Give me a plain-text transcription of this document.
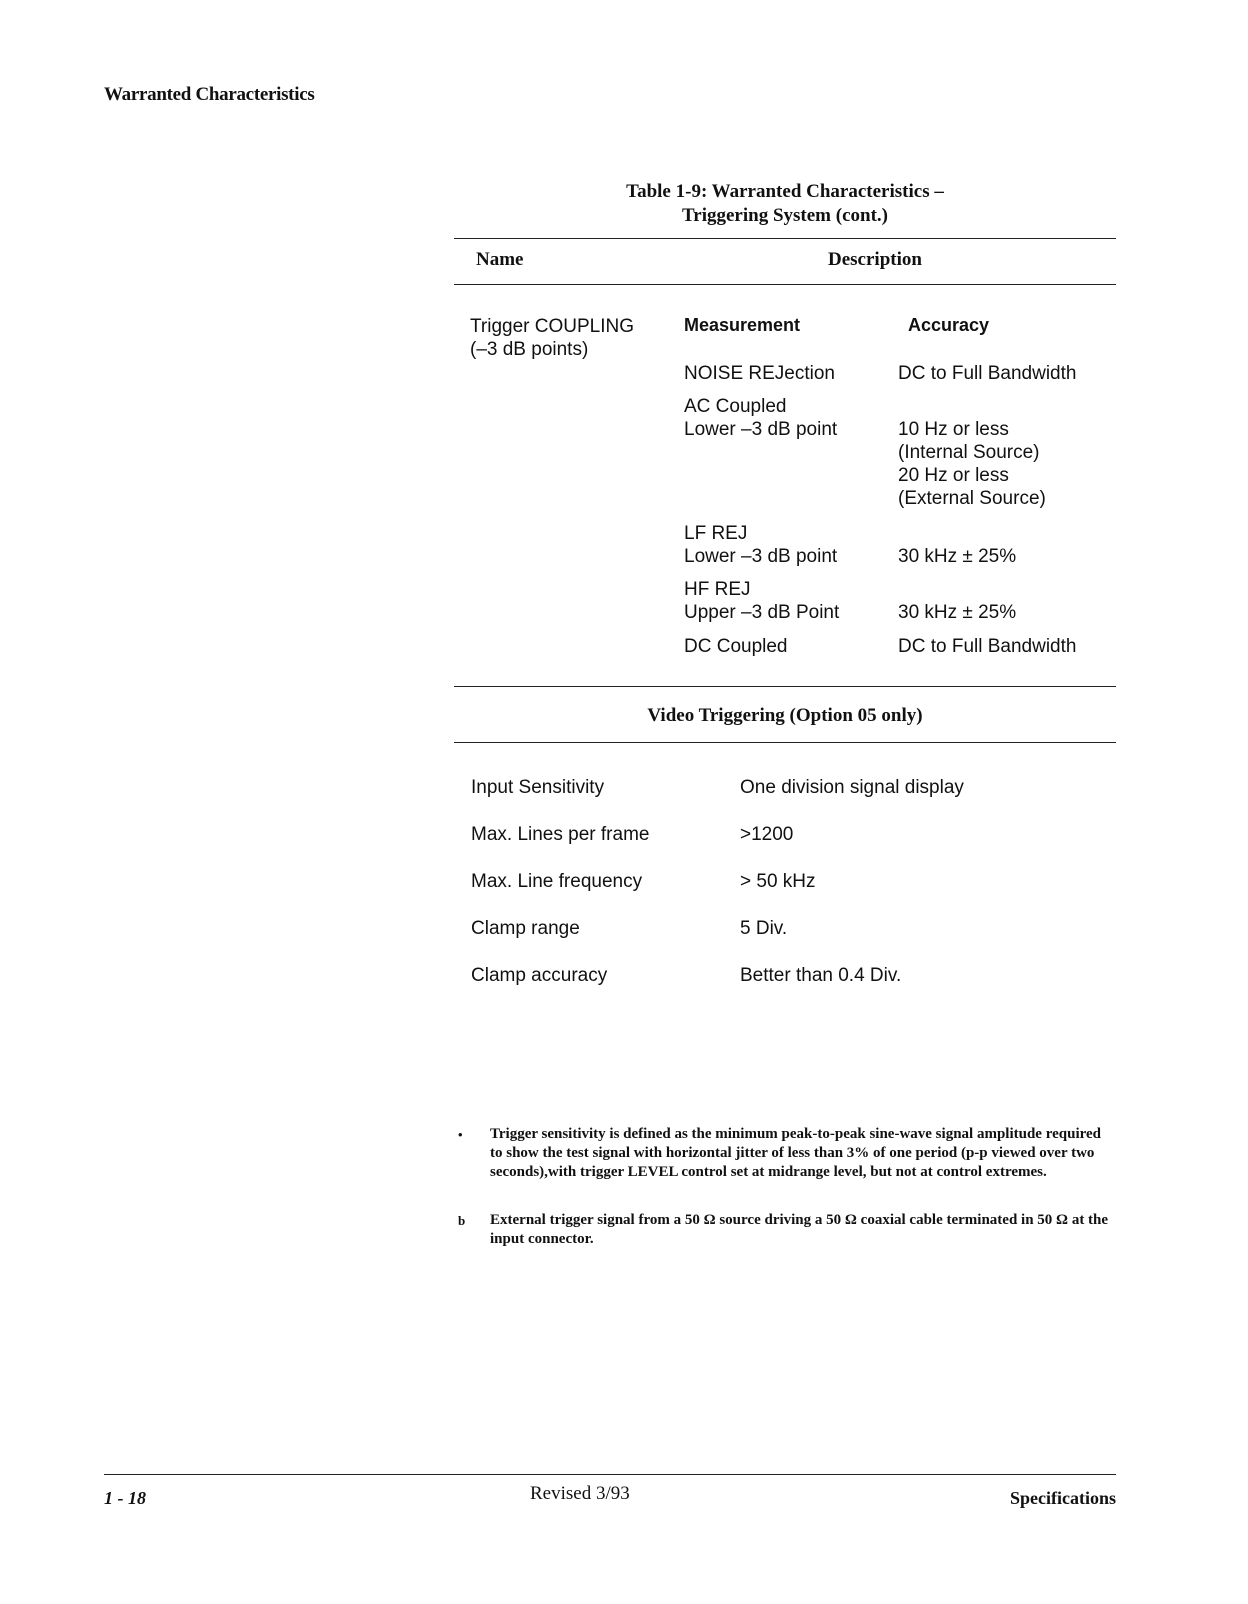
Warranted Characteristics
Table 1-9: Warranted Characteristics –
Triggering System (cont.)
Name	Description
Trigger COUPLING
(–3 dB points)
Measurement	Accuracy
NOISE REJection	DC to Full Bandwidth
AC Coupled
Lower –3 dB point	10 Hz or less
(Internal Source)
20 Hz or less
(External Source)
LF REJ
Lower –3 dB point	30 kHz ± 25%
HF REJ
Upper –3 dB Point	30 kHz ± 25%
DC Coupled	DC to Full Bandwidth
Video Triggering (Option 05 only)
Input Sensitivity	One division signal display
Max. Lines per frame	>1200
Max. Line frequency	> 50 kHz
Clamp range	5 Div.
Clamp accuracy	Better than 0.4 Div.
• Trigger sensitivity is defined as the minimum peak-to-peak sine-wave signal amplitude required to show the test signal with horizontal jitter of less than 3% of one period (p-p viewed over two seconds),with trigger LEVEL control set at midrange level, but not at control extremes.
b External trigger signal from a 50 Ω source driving a 50 Ω coaxial cable terminated in 50 Ω at the input connector.
1 - 18	Revised 3/93	Specifications
